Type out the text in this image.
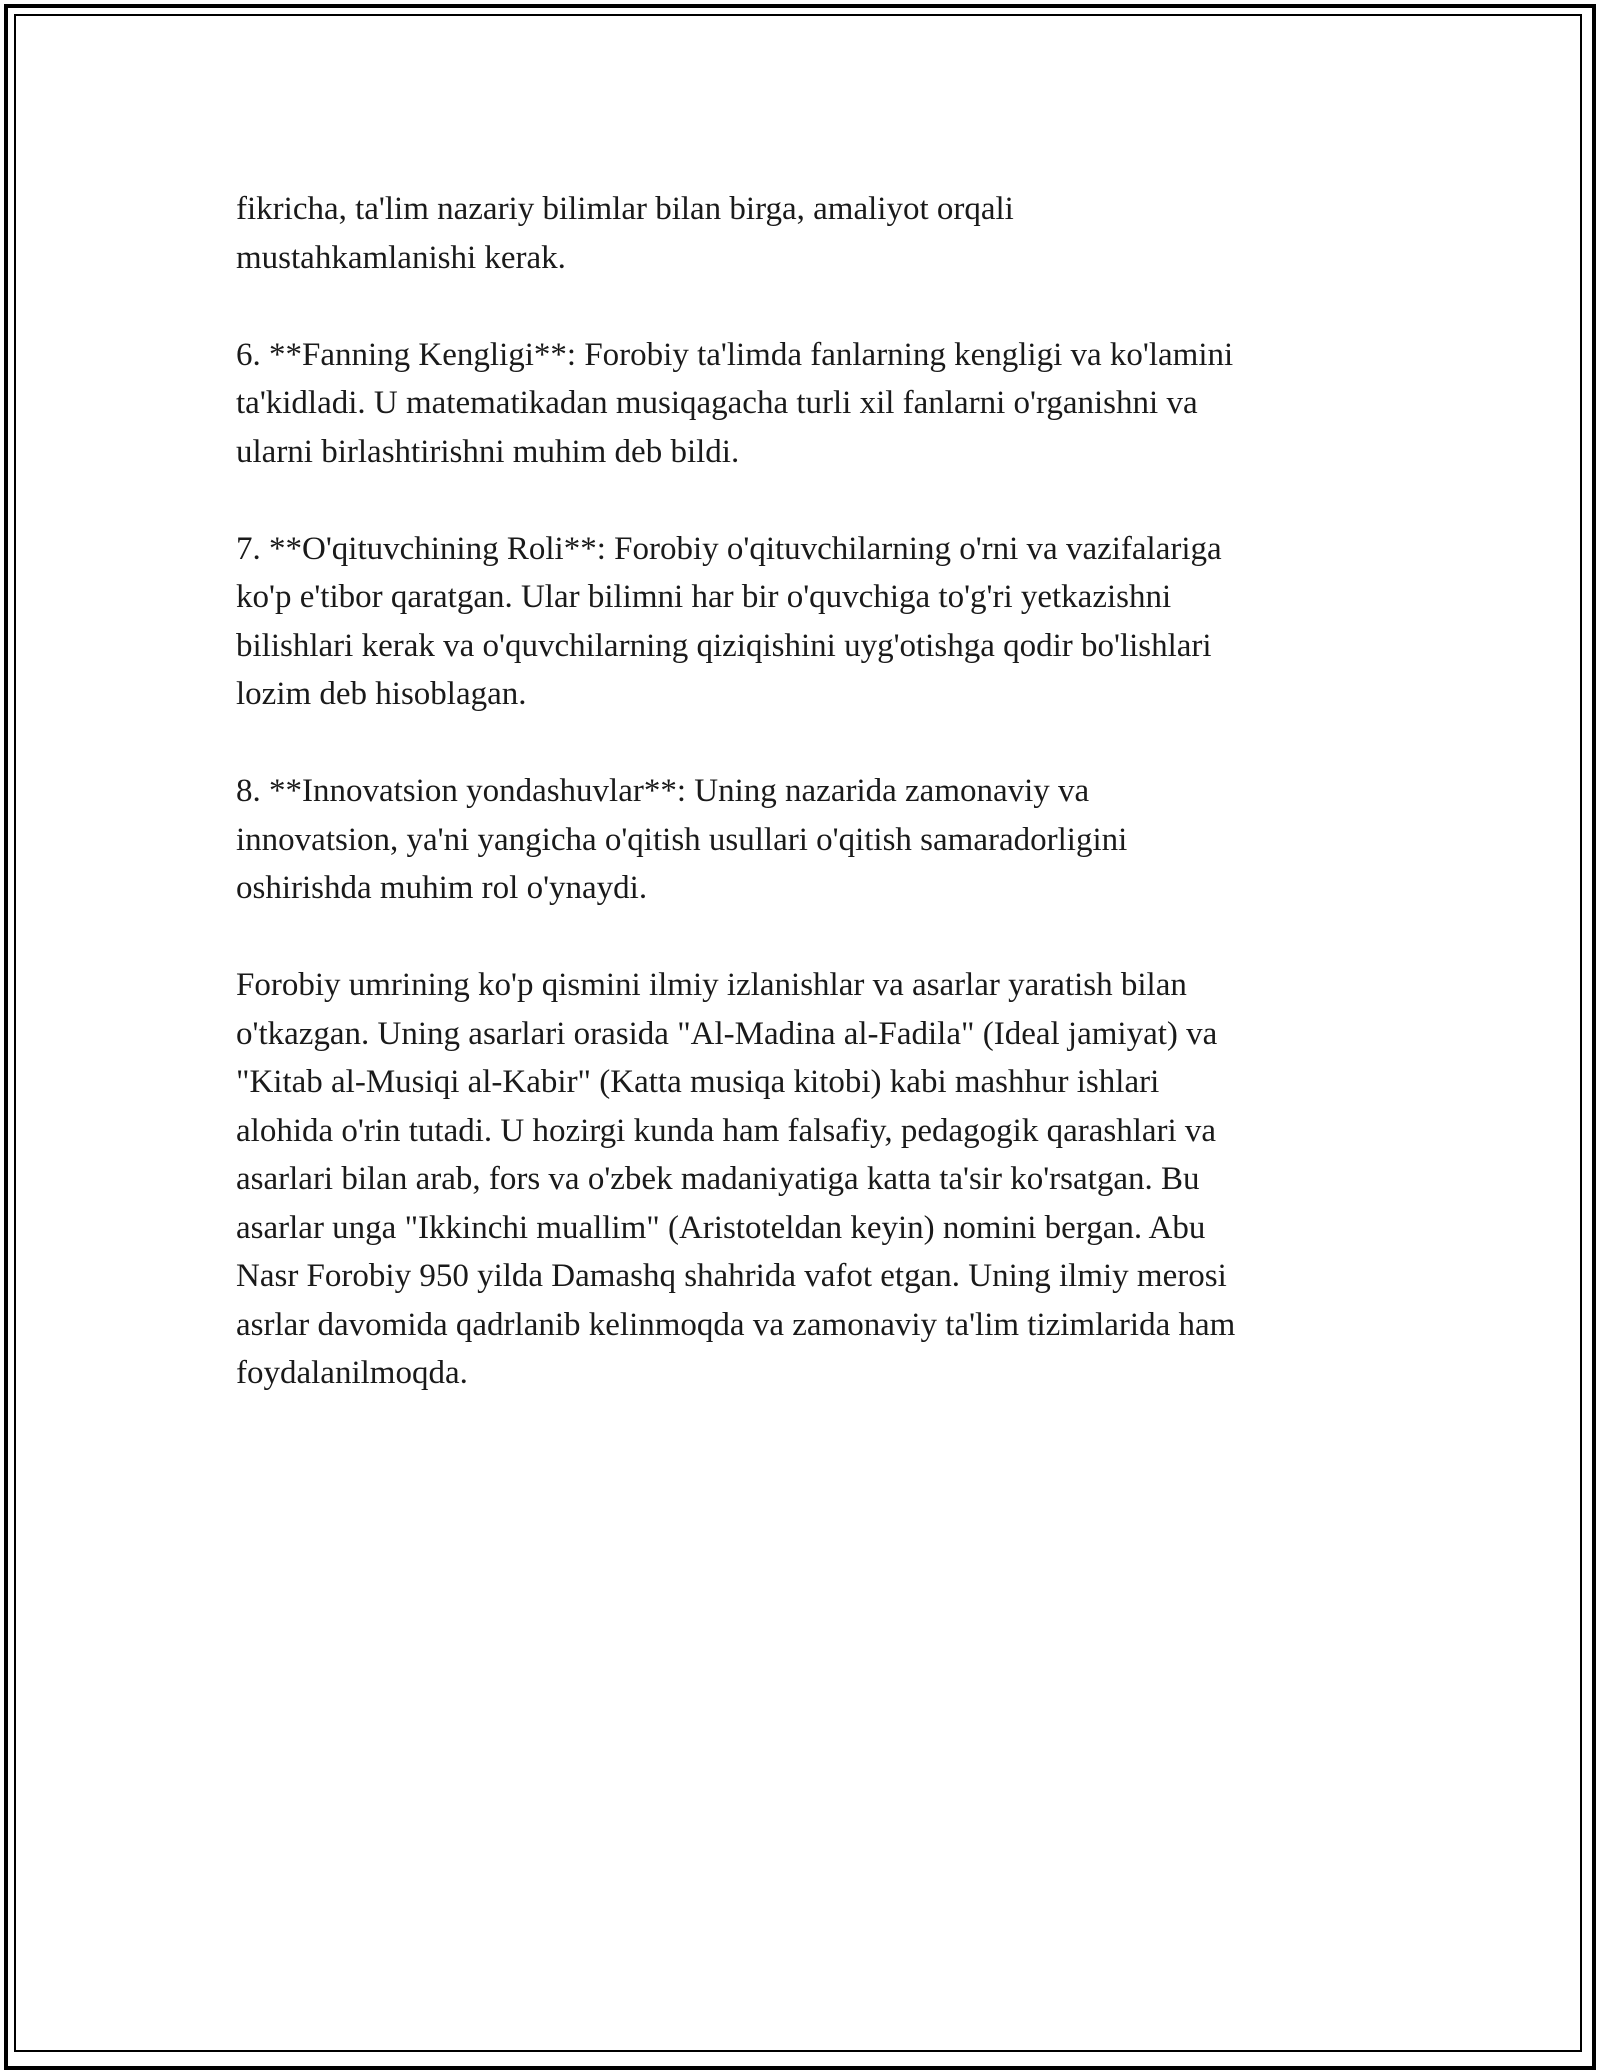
fikricha, ta'lim nazariy bilimlar bilan birga, amaliyot orqali
mustahkamlanishi kerak.

6. **Fanning Kengligi**: Forobiy ta'limda fanlarning kengligi va ko'lamini
ta'kidladi. U matematikadan musiqagacha turli xil fanlarni o'rganishni va
ularni birlashtirishni muhim deb bildi.

7. **O'qituvchining Roli**: Forobiy o'qituvchilarning o'rni va vazifalariga
ko'p e'tibor qaratgan. Ular bilimni har bir o'quvchiga to'g'ri yetkazishni
bilishlari kerak va o'quvchilarning qiziqishini uyg'otishga qodir bo'lishlari
lozim deb hisoblagan.

8. **Innovatsion yondashuvlar**: Uning nazarida zamonaviy va
innovatsion, ya'ni yangicha o'qitish usullari o'qitish samaradorligini
oshirishda muhim rol o'ynaydi.

Forobiy umrining ko'p qismini ilmiy izlanishlar va asarlar yaratish bilan
o'tkazgan. Uning asarlari orasida "Al-Madina al-Fadila" (Ideal jamiyat) va
"Kitab al-Musiqi al-Kabir" (Katta musiqa kitobi) kabi mashhur ishlari
alohida o'rin tutadi. U hozirgi kunda ham falsafiy, pedagogik qarashlari va
asarlari bilan arab, fors va o'zbek madaniyatiga katta ta'sir ko'rsatgan. Bu
asarlar unga "Ikkinchi muallim" (Aristoteldan keyin) nomini bergan. Abu
Nasr Forobiy 950 yilda Damashq shahrida vafot etgan. Uning ilmiy merosi
asrlar davomida qadrlanib kelinmoqda va zamonaviy ta'lim tizimlarida ham
foydalanilmoqda.
